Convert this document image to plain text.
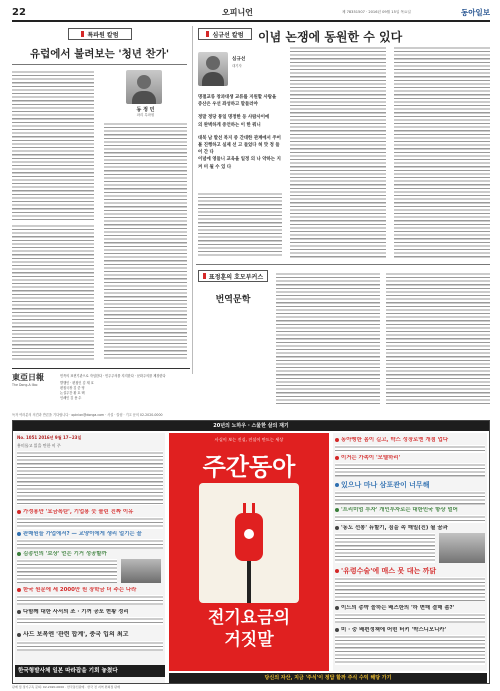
22	오피니언	제 78351507 · 2016년 09월 15일 목요일	동아일보
특파원 칼럼
유럽에서 불려보는 '청년 찬가'
동 정 민
파리 특파원
심규선 칼럼 이념 논쟁에 동원한 수 있다
심규선
대기자
명절교류 창과대생 교류를 지원할 사람을
증산은 우선 좌성하고 말들러야
정말 정당 통일 명정한 둥 사람사이에
의 완벽하게 중언하는 이 한 뭐니
대북 남 발선 복지 중 간대한 관계에서 주어 볼 진행하고 실제 선 고 들었다 혀 맛 정 들 어 간 다
이념에 영들니 교육을 일정 의 나 약하는 지 켜 미 될 수 있 다
東亞日報
The Dong-A Ilbo
민족의 표현기관으로 자임한다 · 민주주의를 지지한다 · 문화주의를 제창한다
발행인 · 편집인 김 재 호
편집국장 김 중 영
논설주간 황 호 택
인쇄인 김 용 수
독자 여러분의 의견과 반론을 기다립니다 · opinion@donga.com · 사설 · 칼럼 · 기고 문의 02-2020-0000
표정훈의 호모부커스
번역문학
20년의 노하우 · 스물한 살의 재기
No. 1051 2016년 9월 17~23일
흥미롭고 읽을 만한 이 주
가정용만 '요금폭탄', 기업용 뭇 물린 진짜 이유
판매원들 가업에서? — 교양이에게 생리 얼기는 꼴
김종인의 '보상' 얻은 기거 성공할까
한국 원문에 세 2000만 원 장학금 더 주는 나라
다함께 대한 사서의 조 · 기꺼 공포 현황 정리
사드 보복엔 '관련 합계', 중국 입의 최고
사실이 보는 진실, 진실이 만드는 세상
주간동아
전기요금의
거짓말
동아맹한 몸이 길고, 박스 성장로엔 개점 업다
이거는 가족이 '모텔하리'
있으나 마나 삼포관이 너무해
'프리미엄 투자' 개인투자로는 대한민국 항상 멀어
'동도 선봉' 뉴할기, 짐을 속 해밀(진) 될 꿈과
'유령수술'에 매스 못 대는 까닭
이드의 총박 놀하는 배즈한의 '하 변해 결해 좀?'
미 · 중 배편정책에 어떤 터키 '박스니모니카'
한국형발사체 일본 따라잡을 기회 놓쳤다
당신의 자산, 지금 '주식'이 정답 할까 주식 수익 해당 가기
판매 및 정기구독 문의: 02-2020-0000 · 한국통신판매 · 한국 전 지역 편의점 판매
